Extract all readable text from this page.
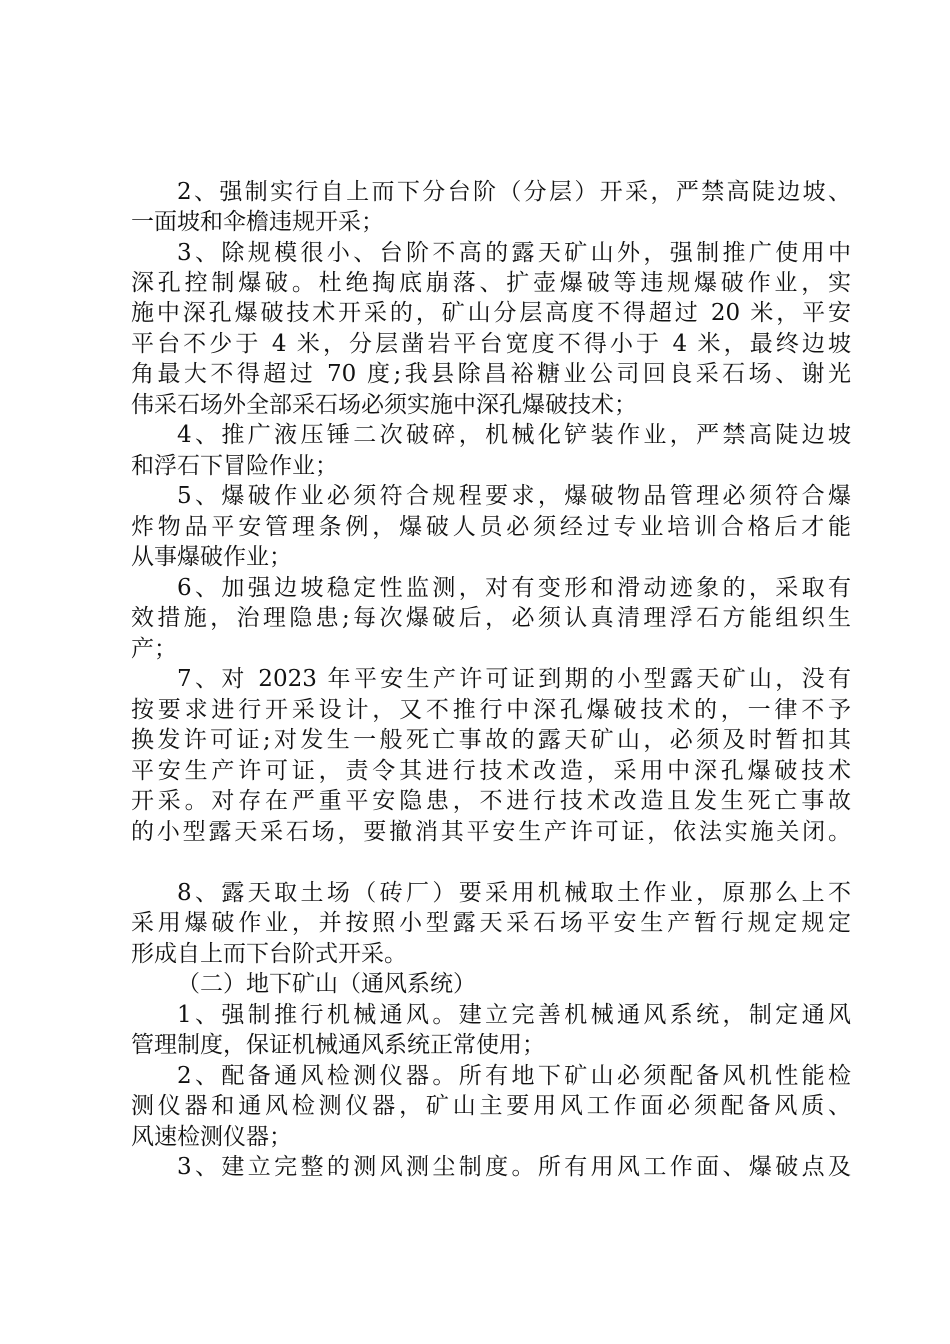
2、强制实行自上而下分台阶（分层）开采，严禁高陡边坡、
一面坡和伞檐违规开采；
3、除规模很小、台阶不高的露天矿山外，强制推广使用中
深孔控制爆破。杜绝掏底崩落、扩壶爆破等违规爆破作业，实
施中深孔爆破技术开采的，矿山分层高度不得超过 20 米，平安
平台不少于 4 米，分层凿岩平台宽度不得小于 4 米，最终边坡
角最大不得超过 70 度;我县除昌裕糖业公司回良采石场、谢光
伟采石场外全部采石场必须实施中深孔爆破技术；
4、推广液压锤二次破碎，机械化铲装作业，严禁高陡边坡
和浮石下冒险作业；
5、爆破作业必须符合规程要求，爆破物品管理必须符合爆
炸物品平安管理条例，爆破人员必须经过专业培训合格后才能
从事爆破作业；
6、加强边坡稳定性监测，对有变形和滑动迹象的，采取有
效措施，治理隐患;每次爆破后，必须认真清理浮石方能组织生
产；
7、对 2023 年平安生产许可证到期的小型露天矿山，没有
按要求进行开采设计，又不推行中深孔爆破技术的，一律不予
换发许可证;对发生一般死亡事故的露天矿山，必须及时暂扣其
平安生产许可证，责令其进行技术改造，采用中深孔爆破技术
开采。对存在严重平安隐患，不进行技术改造且发生死亡事故
的小型露天采石场，要撤消其平安生产许可证，依法实施关闭。
8、露天取土场（砖厂）要采用机械取土作业，原那么上不
采用爆破作业，并按照小型露天采石场平安生产暂行规定规定
形成自上而下台阶式开采。
（二）地下矿山（通风系统）
1、强制推行机械通风。建立完善机械通风系统，制定通风
管理制度，保证机械通风系统正常使用；
2、配备通风检测仪器。所有地下矿山必须配备风机性能检
测仪器和通风检测仪器，矿山主要用风工作面必须配备风质、
风速检测仪器；
3、建立完整的测风测尘制度。所有用风工作面、爆破点及
